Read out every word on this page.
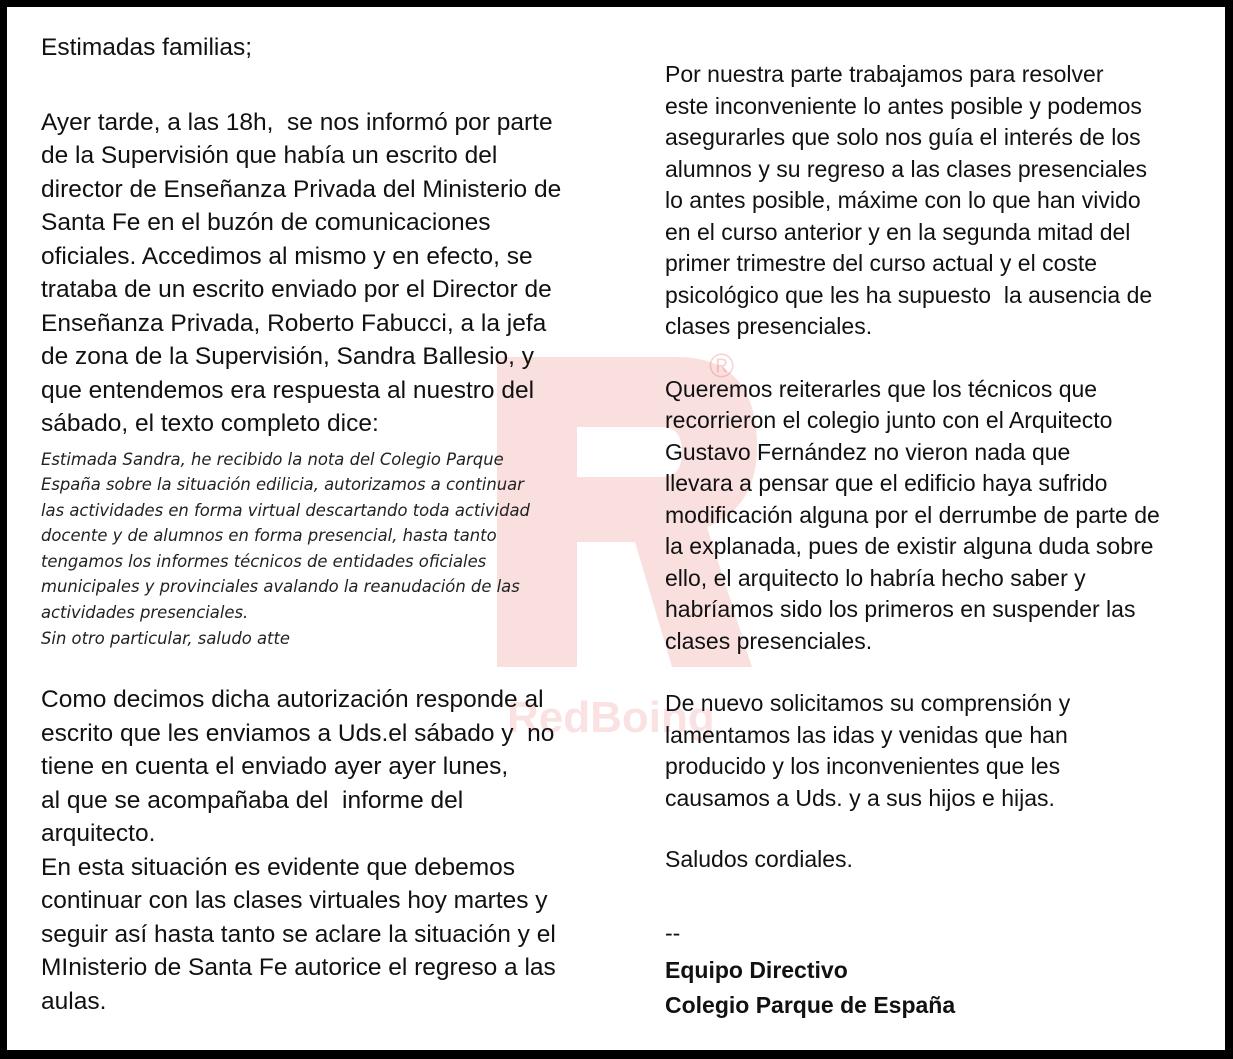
®
RedBoing
Estimadas familias;
Ayer tarde, a las 18h,  se nos informó por parte
de la Supervisión que había un escrito del
director de Enseñanza Privada del Ministerio de
Santa Fe en el buzón de comunicaciones
oficiales. Accedimos al mismo y en efecto, se
trataba de un escrito enviado por el Director de
Enseñanza Privada, Roberto Fabucci, a la jefa
de zona de la Supervisión, Sandra Ballesio, y
que entendemos era respuesta al nuestro del
sábado, el texto completo dice:
Estimada Sandra, he recibido la nota del Colegio Parque
España sobre la situación edilicia, autorizamos a continuar
las actividades en forma virtual descartando toda actividad
docente y de alumnos en forma presencial, hasta tanto
tengamos los informes técnicos de entidades oficiales
municipales y provinciales avalando la reanudación de las
actividades presenciales.
Sin otro particular, saludo atte
Como decimos dicha autorización responde al
escrito que les enviamos a Uds.el sábado y  no
tiene en cuenta el enviado ayer ayer lunes,
al que se acompañaba del  informe del
arquitecto.
En esta situación es evidente que debemos
continuar con las clases virtuales hoy martes y
seguir así hasta tanto se aclare la situación y el
MInisterio de Santa Fe autorice el regreso a las
aulas.
Por nuestra parte trabajamos para resolver
este inconveniente lo antes posible y podemos
asegurarles que solo nos guía el interés de los
alumnos y su regreso a las clases presenciales
lo antes posible, máxime con lo que han vivido
en el curso anterior y en la segunda mitad del
primer trimestre del curso actual y el coste
psicológico que les ha supuesto  la ausencia de
clases presenciales.
Queremos reiterarles que los técnicos que
recorrieron el colegio junto con el Arquitecto
Gustavo Fernández no vieron nada que
llevara a pensar que el edificio haya sufrido
modificación alguna por el derrumbe de parte de
la explanada, pues de existir alguna duda sobre
ello, el arquitecto lo habría hecho saber y
habríamos sido los primeros en suspender las
clases presenciales.
De nuevo solicitamos su comprensión y
lamentamos las idas y venidas que han
producido y los inconvenientes que les
causamos a Uds. y a sus hijos e hijas.
Saludos cordiales.
--
Equipo Directivo
Colegio Parque de España
